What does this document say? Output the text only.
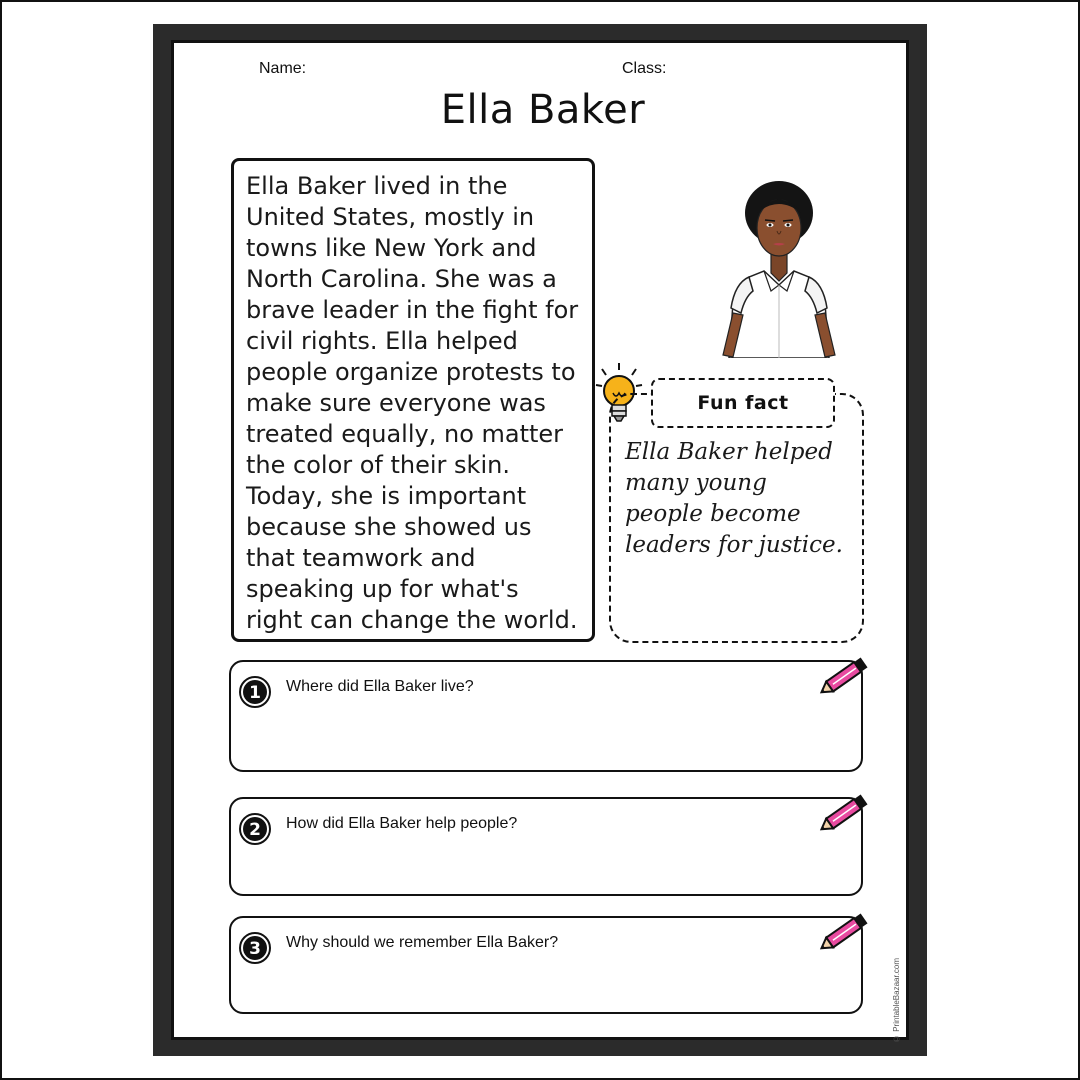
Name:	Class:
Ella Baker

Ella Baker lived in the United States, mostly in towns like New York and North Carolina. She was a brave leader in the fight for civil rights. Ella helped people organize protests to make sure everyone was treated equally, no matter the color of their skin. Today, she is important because she showed us that teamwork and speaking up for what's right can change the world.

Ella Baker helped many young people become leaders for justice.

Fun fact
1 Where did Ella Baker live?
2 How did Ella Baker help people?
3 Why should we remember Ella Baker?
© PrintableBazaar.com
